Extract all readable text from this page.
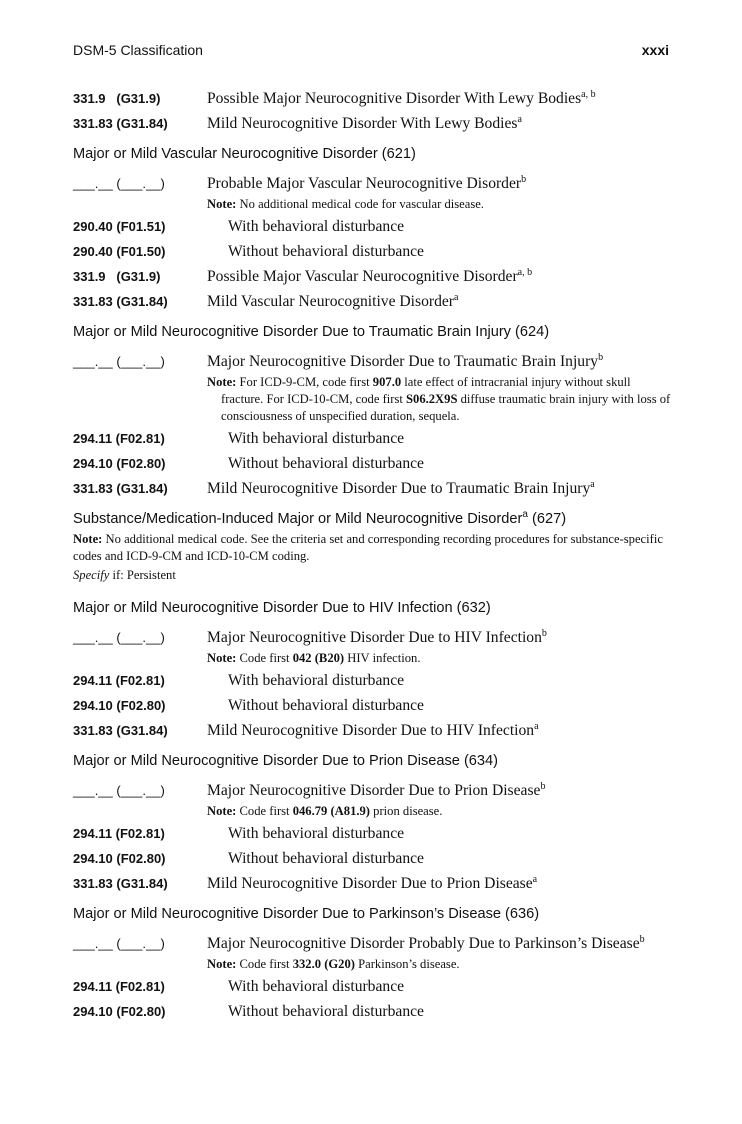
DSM-5 Classification	xxxi
331.9   (G31.9)	Possible Major Neurocognitive Disorder With Lewy Bodies$^{a, b}$
331.83 (G31.84)	Mild Neurocognitive Disorder With Lewy Bodies$^a$
Major or Mild Vascular Neurocognitive Disorder (621)
___.__ (___.__)	Probable Major Vascular Neurocognitive Disorder$^b$
Note: No additional medical code for vascular disease.
290.40 (F01.51)	With behavioral disturbance
290.40 (F01.50)	Without behavioral disturbance
331.9   (G31.9)	Possible Major Vascular Neurocognitive Disorder$^{a, b}$
331.83 (G31.84)	Mild Vascular Neurocognitive Disorder$^a$
Major or Mild Neurocognitive Disorder Due to Traumatic Brain Injury (624)
___.__ (___.__)	Major Neurocognitive Disorder Due to Traumatic Brain Injury$^b$
Note: For ICD-9-CM, code first 907.0 late effect of intracranial injury without skull fracture. For ICD-10-CM, code first S06.2X9S diffuse traumatic brain injury with loss of consciousness of unspecified duration, sequela.
294.11 (F02.81)	With behavioral disturbance
294.10 (F02.80)	Without behavioral disturbance
331.83 (G31.84)	Mild Neurocognitive Disorder Due to Traumatic Brain Injury$^a$
Substance/Medication-Induced Major or Mild Neurocognitive Disorder$^a$ (627)
Note: No additional medical code. See the criteria set and corresponding recording procedures for substance-specific codes and ICD-9-CM and ICD-10-CM coding.
Specify if: Persistent
Major or Mild Neurocognitive Disorder Due to HIV Infection (632)
___.__ (___.__)	Major Neurocognitive Disorder Due to HIV Infection$^b$
Note: Code first 042 (B20) HIV infection.
294.11 (F02.81)	With behavioral disturbance
294.10 (F02.80)	Without behavioral disturbance
331.83 (G31.84)	Mild Neurocognitive Disorder Due to HIV Infection$^a$
Major or Mild Neurocognitive Disorder Due to Prion Disease (634)
___.__ (___.__)	Major Neurocognitive Disorder Due to Prion Disease$^b$
Note: Code first 046.79 (A81.9) prion disease.
294.11 (F02.81)	With behavioral disturbance
294.10 (F02.80)	Without behavioral disturbance
331.83 (G31.84)	Mild Neurocognitive Disorder Due to Prion Disease$^a$
Major or Mild Neurocognitive Disorder Due to Parkinson’s Disease (636)
___.__ (___.__)	Major Neurocognitive Disorder Probably Due to Parkinson’s Disease$^b$
Note: Code first 332.0 (G20) Parkinson’s disease.
294.11 (F02.81)	With behavioral disturbance
294.10 (F02.80)	Without behavioral disturbance
